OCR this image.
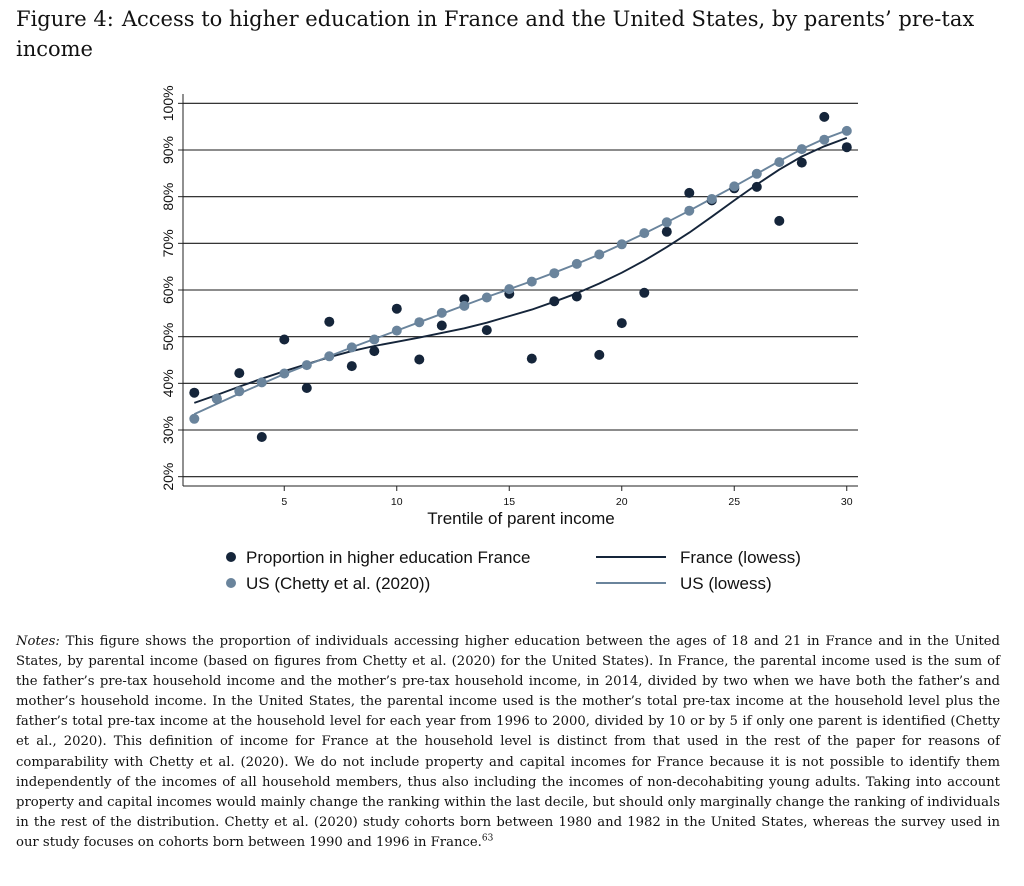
Figure 4: Access to higher education in France and the United States, by parents’ pre-tax income
20%
30%
40%
50%
60%
70%
80%
90%
100%
5	10	15	20	25	30
Trentile of parent income
Proportion in higher education France
US (Chetty et al. (2020))
France (lowess)
US (lowess)
Notes: This figure shows the proportion of individuals accessing higher education between the ages of 18 and 21 in France and in the United States, by parental income (based on figures from Chetty et al. (2020) for the United States). In France, the parental income used is the sum of the father’s pre-tax household income and the mother’s pre-tax household income, in 2014, divided by two when we have both the father’s and mother’s household income. In the United States, the parental income used is the mother’s total pre-tax income at the household level plus the father’s total pre-tax income at the household level for each year from 1996 to 2000, divided by 10 or by 5 if only one parent is identified (Chetty et al., 2020). This definition of income for France at the household level is distinct from that used in the rest of the paper for reasons of comparability with Chetty et al. (2020). We do not include property and capital incomes for France because it is not possible to identify them independently of the incomes of all household members, thus also including the incomes of non-decohabiting young adults. Taking into account property and capital incomes would mainly change the ranking within the last decile, but should only marginally change the ranking of individuals in the rest of the distribution. Chetty et al. (2020) study cohorts born between 1980 and 1982 in the United States, whereas the survey used in our study focuses on cohorts born between 1990 and 1996 in France.$^{63}$
